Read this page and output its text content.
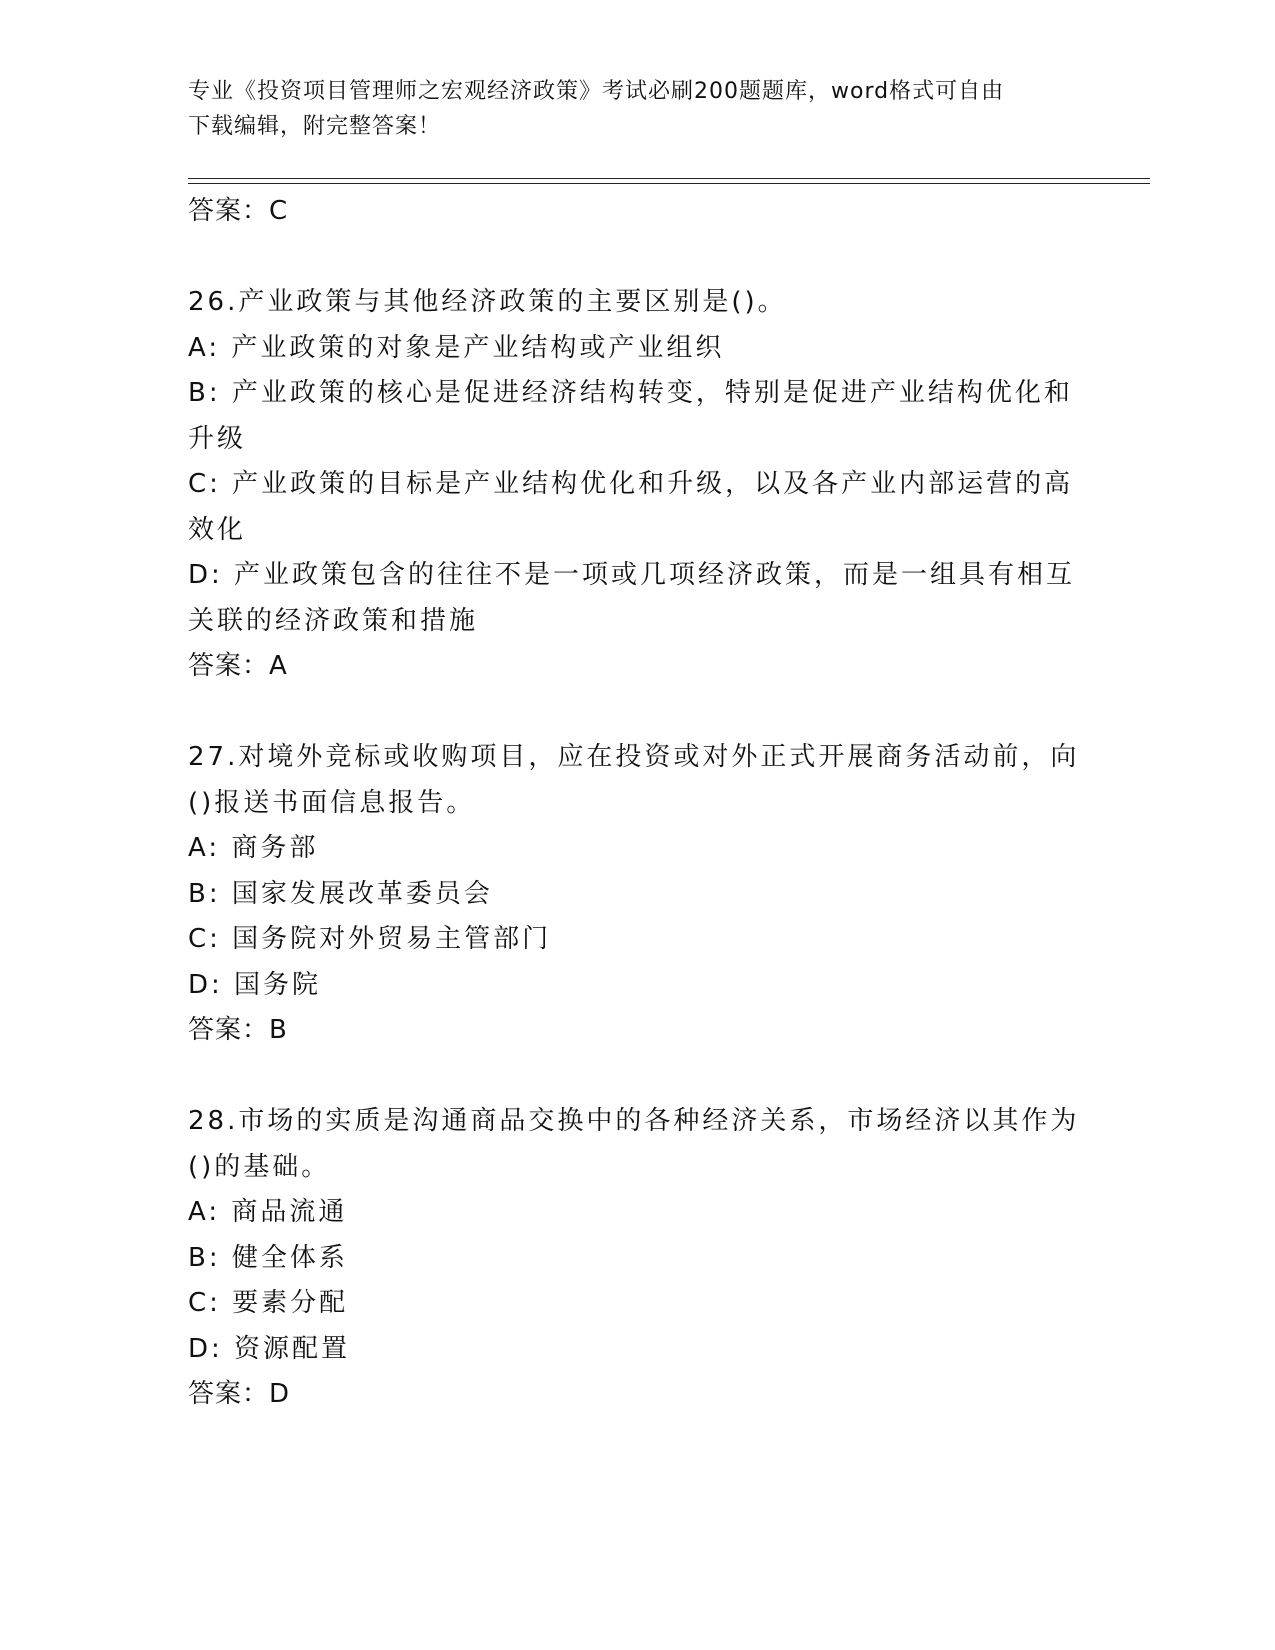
专业《投资项目管理师之宏观经济政策》考试必刷200题题库，word格式可自由
下载编辑，附完整答案！
答案：C
26.产业政策与其他经济政策的主要区别是()。
A: 产业政策的对象是产业结构或产业组织
B: 产业政策的核心是促进经济结构转变，特别是促进产业结构优化和
升级
C: 产业政策的目标是产业结构优化和升级，以及各产业内部运营的高
效化
D: 产业政策包含的往往不是一项或几项经济政策，而是一组具有相互
关联的经济政策和措施
答案：A
27.对境外竞标或收购项目，应在投资或对外正式开展商务活动前，向
()报送书面信息报告。
A: 商务部
B: 国家发展改革委员会
C: 国务院对外贸易主管部门
D: 国务院
答案：B
28.市场的实质是沟通商品交换中的各种经济关系，市场经济以其作为
()的基础。
A: 商品流通
B: 健全体系
C: 要素分配
D: 资源配置
答案：D
